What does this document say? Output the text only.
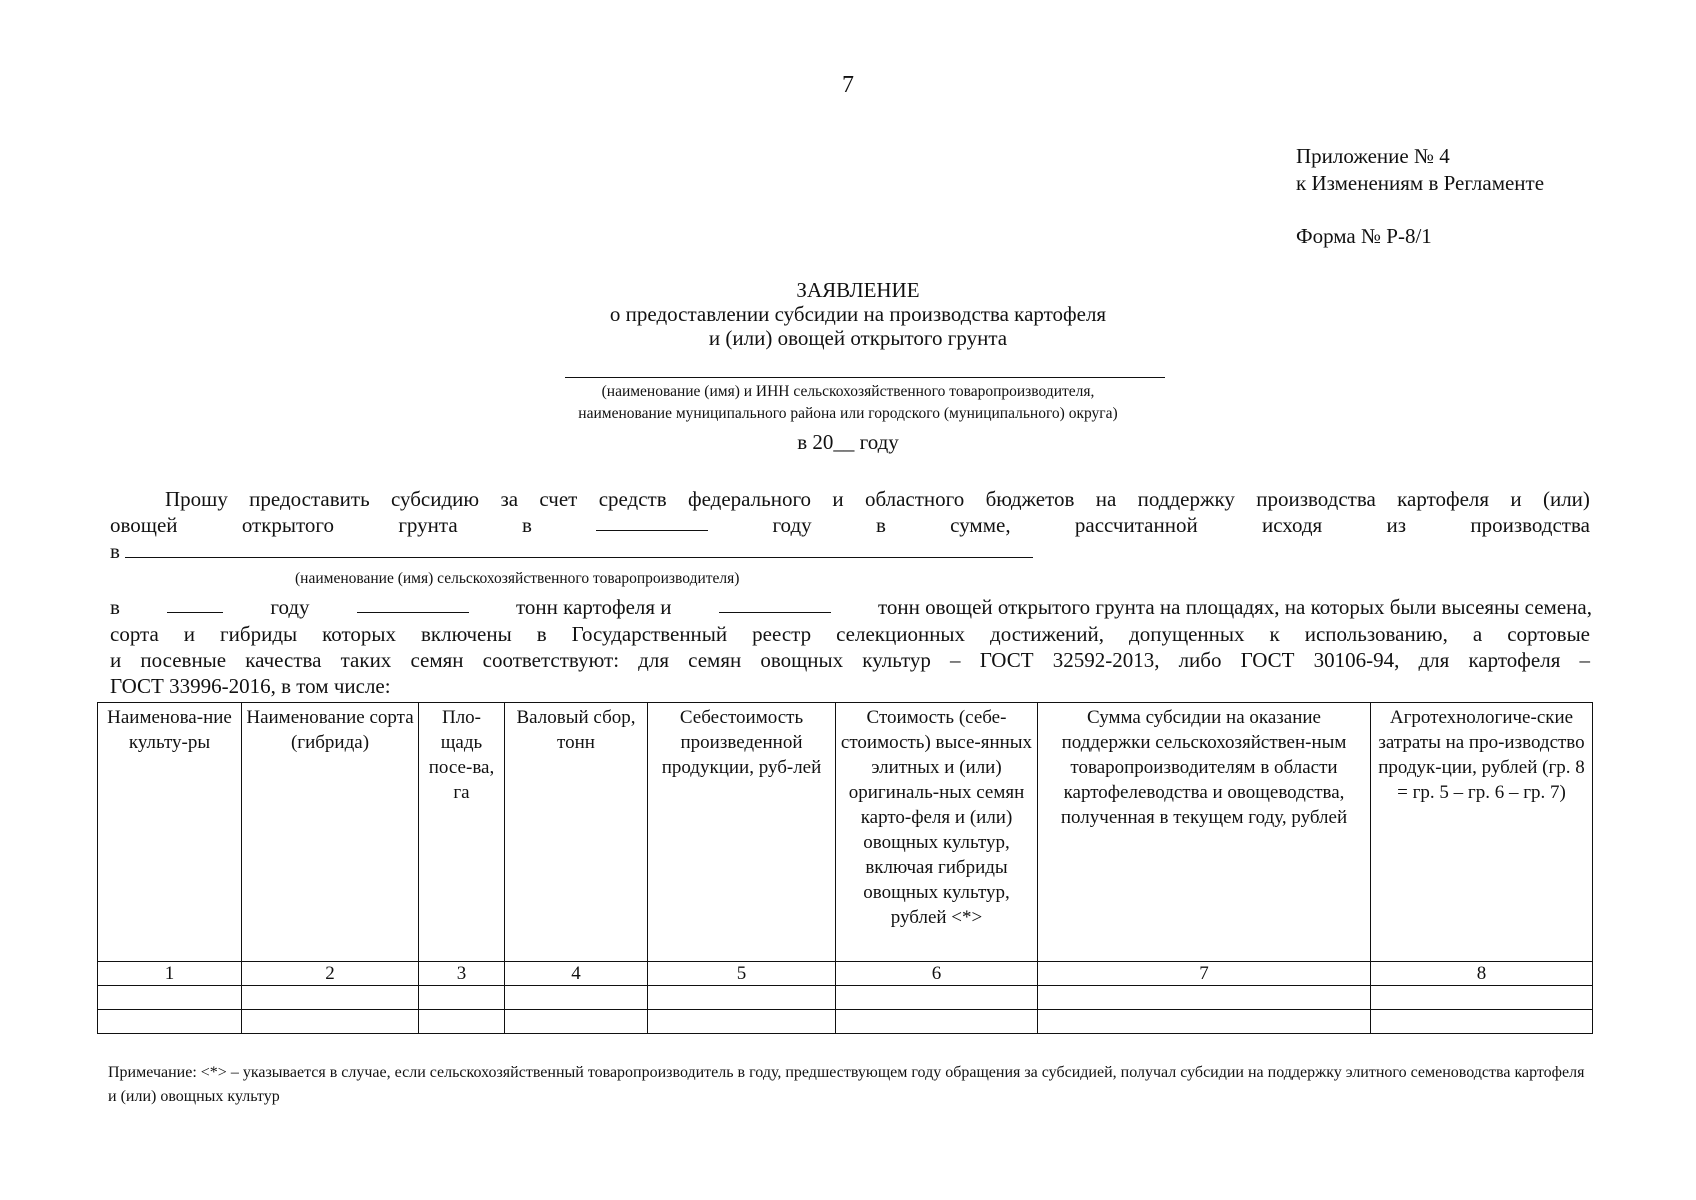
7
Приложение № 4
к Изменениям в Регламенте
Форма № Р-8/1
ЗАЯВЛЕНИЕ
о предоставлении субсидии на производства картофеля
и (или) овощей открытого грунта
(наименование (имя) и ИНН сельскохозяйственного товаропроизводителя,
наименование муниципального района или городского (муниципального) округа)
в 20__ году
Прошу предоставить субсидию за счет средств федерального и областного бюджетов на поддержку производства картофеля и (или)
овощей	открытого	грунта	в	году	в	сумме,	рассчитанной	исходя	из	производства
в
(наименование (имя) сельскохозяйственного товаропроизводителя)
в	году	тонн картофеля и	тонн овощей открытого грунта на площадях, на которых были высеяны семена,
сорта и гибриды которых включены в Государственный реестр селекционных достижений, допущенных к использованию, а сортовые
и посевные качества таких семян соответствуют: для семян овощных культур – ГОСТ 32592-2013, либо ГОСТ 30106-94, для картофеля –
ГОСТ 33996-2016, в том числе:
Наименова-ние культу-ры	Наименование сорта (гибрида)	Пло-щадь посе-ва, га	Валовый сбор, тонн	Себестоимость произведенной продукции, руб-лей	Стоимость (себе-стоимость) высе-янных элитных и (или) оригиналь-ных семян карто-феля и (или) овощных культур, включая гибриды овощных культур, рублей <*>	Сумма субсидии на оказание поддержки сельскохозяйствен-ным товаропроизводителям в области картофелеводства и овощеводства, полученная в текущем году, рублей	Агротехнологиче-ские затраты на про-изводство продук-ции, рублей (гр. 8 = гр. 5 – гр. 6 – гр. 7)
1	2	3	4	5	6	7	8

Примечание: <*> – указывается в случае, если сельскохозяйственный товаропроизводитель в году, предшествующем году обращения за субсидией, получал субсидии на поддержку элитного семеноводства картофеля и (или) овощных культур
